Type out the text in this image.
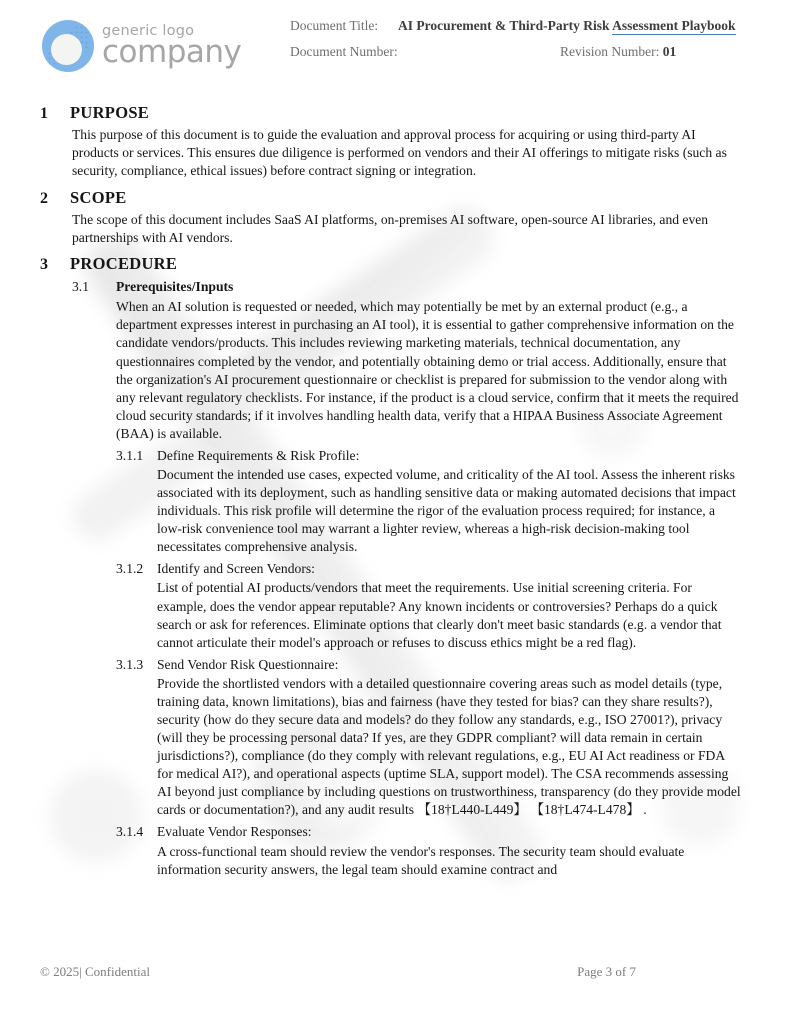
generic logo
company
Document Title:	AI Procurement & Third-Party Risk Assessment Playbook
Document Number:	Revision Number: 01
1	PURPOSE

This purpose of this document is to guide the evaluation and approval process for acquiring or using third-party AI products or services. This ensures due diligence is performed on vendors and their AI offerings to mitigate risks (such as security, compliance, ethical issues) before contract signing or integration.

2	SCOPE

The scope of this document includes SaaS AI platforms, on-premises AI software, open-source AI libraries, and even partnerships with AI vendors.

3	PROCEDURE
3.1	Prerequisites/Inputs

When an AI solution is requested or needed, which may potentially be met by an external product (e.g., a department expresses interest in purchasing an AI tool), it is essential to gather comprehensive information on the candidate vendors/products. This includes reviewing marketing materials, technical documentation, any questionnaires completed by the vendor, and potentially obtaining demo or trial access. Additionally, ensure that the organization's AI procurement questionnaire or checklist is prepared for submission to the vendor along with any relevant regulatory checklists. For instance, if the product is a cloud service, confirm that it meets the required cloud security standards; if it involves handling health data, verify that a HIPAA Business Associate Agreement (BAA) is available.

3.1.1	Define Requirements & Risk Profile:

Document the intended use cases, expected volume, and criticality of the AI tool. Assess the inherent risks associated with its deployment, such as handling sensitive data or making automated decisions that impact individuals. This risk profile will determine the rigor of the evaluation process required; for instance, a low-risk convenience tool may warrant a lighter review, whereas a high-risk decision-making tool necessitates comprehensive analysis.

3.1.2	Identify and Screen Vendors:

List of potential AI products/vendors that meet the requirements. Use initial screening criteria. For example, does the vendor appear reputable? Any known incidents or controversies? Perhaps do a quick search or ask for references. Eliminate options that clearly don't meet basic standards (e.g. a vendor that cannot articulate their model's approach or refuses to discuss ethics might be a red flag).

3.1.3	Send Vendor Risk Questionnaire:

Provide the shortlisted vendors with a detailed questionnaire covering areas such as model details (type, training data, known limitations), bias and fairness (have they tested for bias? can they share results?), security (how do they secure data and models? do they follow any standards, e.g., ISO 27001?), privacy (will they be processing personal data? If yes, are they GDPR compliant? will data remain in certain jurisdictions?), compliance (do they comply with relevant regulations, e.g., EU AI Act readiness or FDA for medical AI?), and operational aspects (uptime SLA, support model). The CSA recommends assessing AI beyond just compliance by including questions on trustworthiness, transparency (do they provide model cards or documentation?), and any audit results 【18†L440-L449】 【18†L474-L478】 .

3.1.4	Evaluate Vendor Responses:

A cross-functional team should review the vendor's responses. The security team should evaluate information security answers, the legal team should examine contract and

© 2025| Confidential	Page 3 of 7
